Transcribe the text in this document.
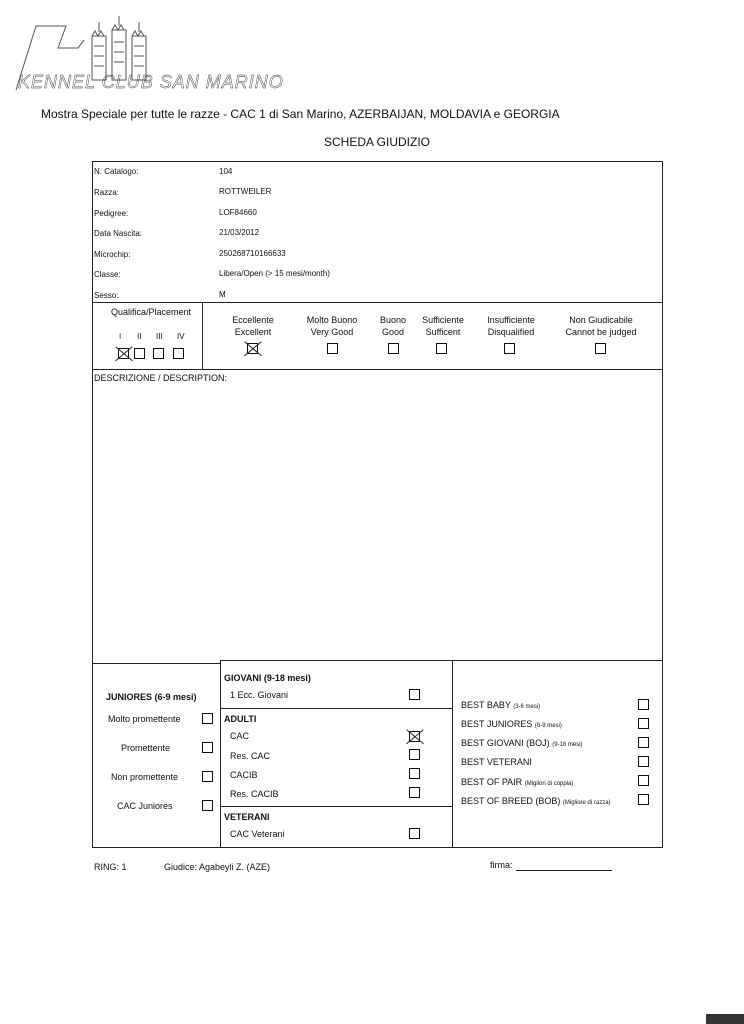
KENNEL CLUB SAN MARINO
Mostra Speciale per tutte le razze - CAC 1 di San Marino, AZERBAIJAN, MOLDAVIA e GEORGIA
SCHEDA GIUDIZIO
N. Catalogo:	104
Razza:	ROTTWEILER
Pedigree:	LOF84660
Data Nascita:	21/03/2012
Microchip:	250268710166633
Classe:	Libera/Open (> 15 mesi/month)
Sesso:	M
Qualifica/Placement
I II III IV
Eccellente
Excellent
Molto Buono
Very Good
Buono
Good
Sufficiente
Sufficent
Insufficiente
Disqualified
Non Giudicabile
Cannot be judged
DESCRIZIONE / DESCRIPTION:
JUNIORES (6-9 mesi)
Molto promettente
Promettente
Non promettente
CAC Juniores
GIOVANI (9-18 mesi)
1 Ecc. Giovani
ADULTI
CAC
Res. CAC
CACIB
Res. CACIB
VETERANI
CAC Veterani
BEST BABY (3-6 mesi)
BEST JUNIORES (6-9 mesi)
BEST GIOVANI (BOJ) (9-18 mesi)
BEST VETERANI
BEST OF PAIR (Migliori di coppia)
BEST OF BREED (BOB) (Migliore di razza)
RING: 1	Giudice: Agabeyli Z. (AZE)	firma:
